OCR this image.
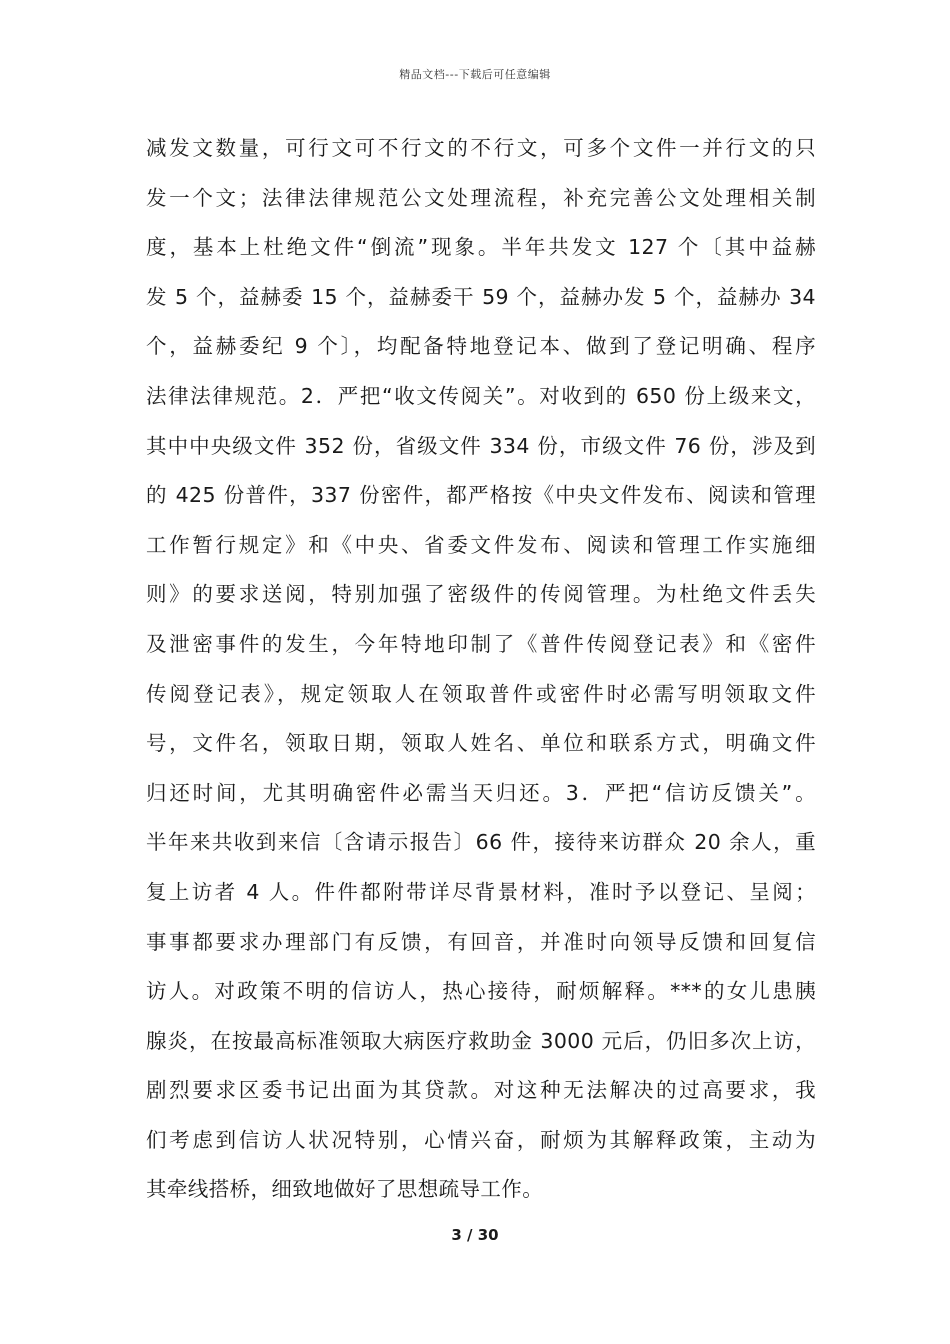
精品文档---下载后可任意编辑
减发文数量，可行文可不行文的不行文，可多个文件一并行文的只
发一个文；法律法律规范公文处理流程，补充完善公文处理相关制
度，基本上杜绝文件“倒流”现象。半年共发文 127 个〔其中益赫
发 5 个，益赫委 15 个，益赫委干 59 个，益赫办发 5 个，益赫办 34
个，益赫委纪 9 个〕，均配备特地登记本、做到了登记明确、程序
法律法律规范。2．严把“收文传阅关”。对收到的 650 份上级来文，
其中中央级文件 352 份，省级文件 334 份，市级文件 76 份，涉及到
的 425 份普件，337 份密件，都严格按《中央文件发布、阅读和管理
工作暂行规定》和《中央、省委文件发布、阅读和管理工作实施细
则》的要求送阅，特别加强了密级件的传阅管理。为杜绝文件丢失
及泄密事件的发生，今年特地印制了《普件传阅登记表》和《密件
传阅登记表》，规定领取人在领取普件或密件时必需写明领取文件
号，文件名，领取日期，领取人姓名、单位和联系方式，明确文件
归还时间，尤其明确密件必需当天归还。3．严把“信访反馈关”。
半年来共收到来信〔含请示报告〕66 件，接待来访群众 20 余人，重
复上访者 4 人。件件都附带详尽背景材料，准时予以登记、呈阅；
事事都要求办理部门有反馈，有回音，并准时向领导反馈和回复信
访人。对政策不明的信访人，热心接待，耐烦解释。***的女儿患胰
腺炎，在按最高标准领取大病医疗救助金 3000 元后，仍旧多次上访，
剧烈要求区委书记出面为其贷款。对这种无法解决的过高要求，我
们考虑到信访人状况特别，心情兴奋，耐烦为其解释政策，主动为
其牵线搭桥，细致地做好了思想疏导工作。
3 / 30
